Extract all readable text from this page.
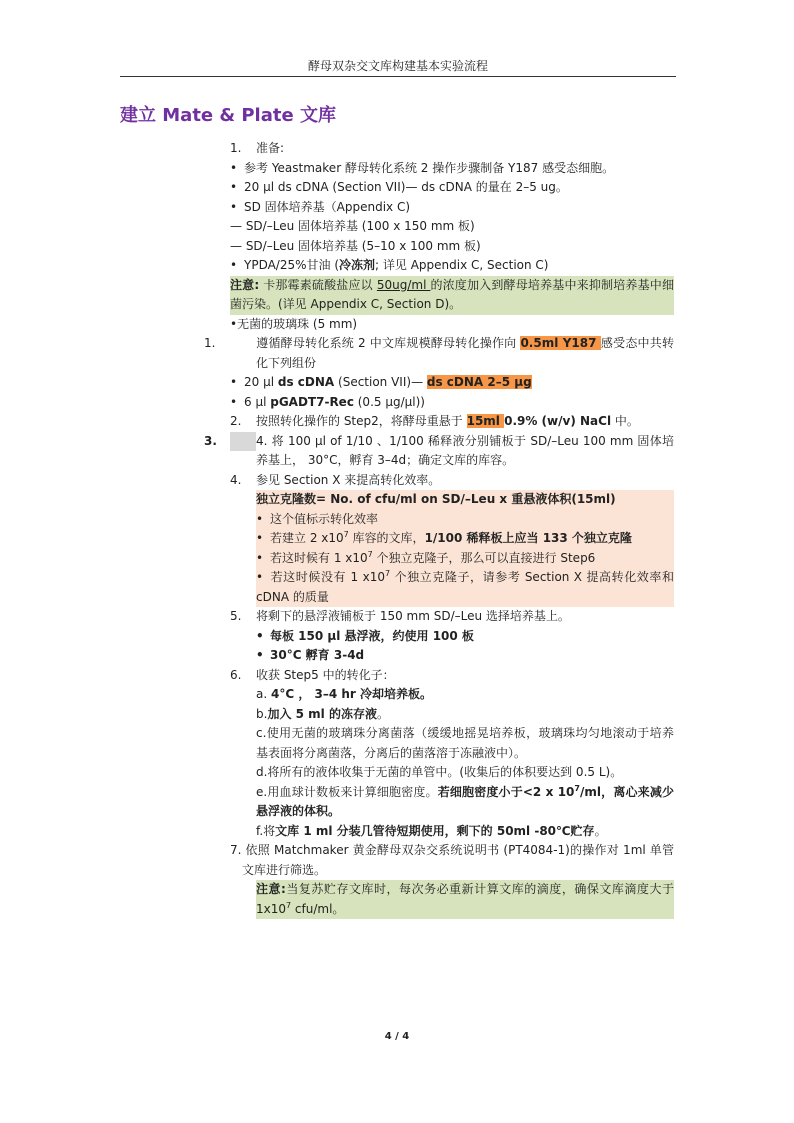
酵母双杂交文库构建基本实验流程
建立 Mate & Plate 文库
1. 准备:
• 参考 Yeastmaker 酵母转化系统 2 操作步骤制备 Y187 感受态细胞。
• 20 µl ds cDNA (Section VII)— ds cDNA 的量在 2–5 ug。
• SD 固体培养基（Appendix C)
— SD/–Leu 固体培养基 (100 x 150 mm 板)
— SD/–Leu 固体培养基 (5–10 x 100 mm 板)
• YPDA/25%甘油 (冷冻剂; 详见 Appendix C, Section C)
注意: 卡那霉素硫酸盐应以 50ug/ml 的浓度加入到酵母培养基中来抑制培养基中细菌污染。(详见 Appendix C, Section D)。
•无菌的玻璃珠 (5 mm)
1.	遵循酵母转化系统 2 中文库规模酵母转化操作向 0.5ml Y187 感受态中共转化下列组份
• 20 µl ds cDNA (Section VII)— ds cDNA 2–5 µg
• 6 µl pGADT7-Rec (0.5 µg/µl))
2. 按照转化操作的 Step2，将酵母重悬于 15ml 0.9% (w/v) NaCl 中。
3.	4. 将 100 µl of 1/10 、1/100 稀释液分别铺板于 SD/–Leu 100 mm 固体培养基上， 30°C，孵育 3–4d；确定文库的库容。
4. 参见 Section X 来提高转化效率。
独立克隆数= No. of cfu/ml on SD/–Leu x 重悬液体积(15ml)
• 这个值标示转化效率
• 若建立 2 $x10^7$ 库容的文库，1/100 稀释板上应当 133 个独立克隆
• 若这时候有 1 $x10^7$ 个独立克隆子，那么可以直接进行 Step6
• 若这时候没有 1 $x10^7$ 个独立克隆子，请参考 Section X 提高转化效率和 cDNA 的质量
5. 将剩下的悬浮液铺板于 150 mm SD/–Leu 选择培养基上。
• 每板 150 µl 悬浮液，约使用 100 板
• 30°C 孵育 3-4d
6. 收获 Step5 中的转化子：
a. 4°C ， 3–4 hr 冷却培养板。
b.加入 5 ml 的冻存液。
c.使用无菌的玻璃珠分离菌落（缓缓地摇晃培养板，玻璃珠均匀地滚动于培养基表面将分离菌落，分离后的菌落溶于冻融液中）。
d.将所有的液体收集于无菌的单管中。(收集后的体积要达到 0.5 L)。
e.用血球计数板来计算细胞密度。若细胞密度小于<2 x $10^7/ml$，离心来减少悬浮液的体积。
f.将文库 1 ml 分装几管待短期使用，剩下的 50ml -80℃贮存。
7. 依照 Matchmaker 黄金酵母双杂交系统说明书 (PT4084-1)的操作对 1ml 单管文库进行筛选。
注意:当复苏贮存文库时，每次务必重新计算文库的滴度，确保文库滴度大于 $1x10^7$ cfu/ml。
4 / 4
